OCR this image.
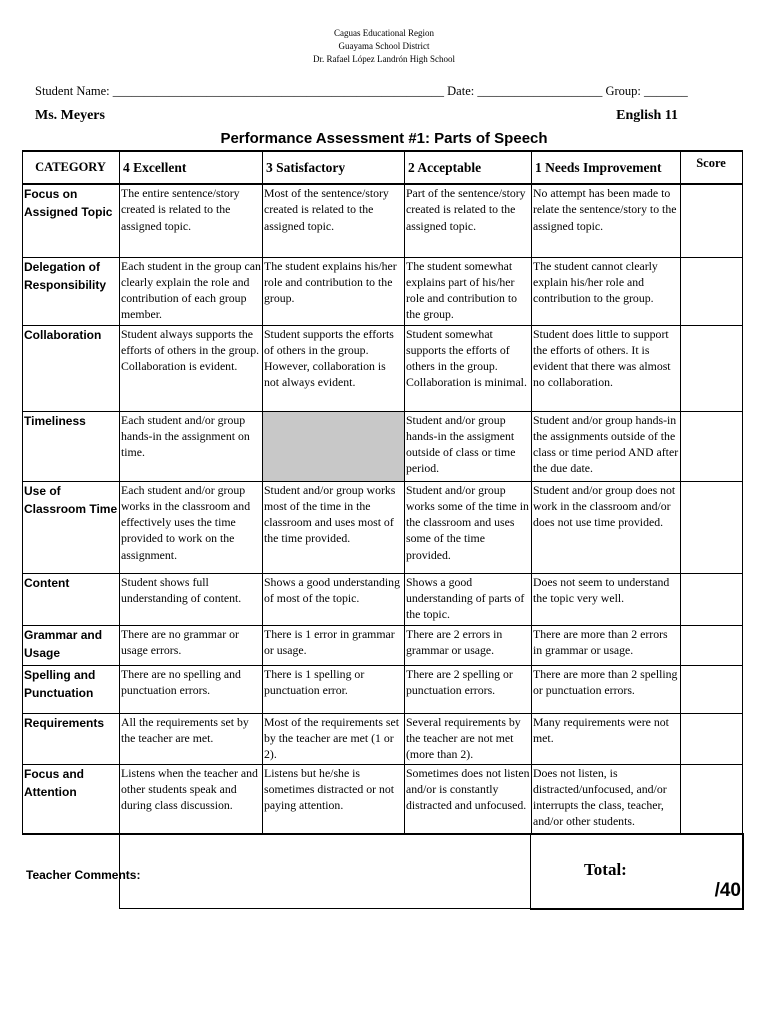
Caguas Educational Region
Guayama School District
Dr. Rafael López Landrón High School
Student Name: _____________________________________________________ Date: ____________________ Group: _______
Ms. Meyers	English 11
Performance Assessment #1: Parts of Speech
CATEGORY	4 Excellent	3 Satisfactory	2 Acceptable	1 Needs Improvement	Score
Focus on Assigned Topic	The entire sentence/story created is related to the assigned topic.	Most of the sentence/story created is related to the assigned topic.	Part of the sentence/story created is related to the assigned topic.	No attempt has been made to relate the sentence/story to the assigned topic.	
Delegation of Responsibility	Each student in the group can clearly explain the role and contribution of each group member.	The student explains his/her role and contribution to the group.	The student somewhat explains part of his/her role and contribution to the group.	The student cannot clearly explain his/her role and contribution to the group.	
Collaboration	Student always supports the efforts of others in the group. Collaboration is evident.	Student supports the efforts of others in the group. However, collaboration is not always evident.	Student somewhat supports the efforts of others in the group. Collaboration is minimal.	Student does little to support the efforts of others. It is evident that there was almost no collaboration.	
Timeliness	Each student and/or group hands-in the assignment on time.		Student and/or group hands-in the assigment outside of class or time period.	Student and/or group hands-in the assignments outside of the class or time period AND after the due date.	
Use of Classroom Time	Each student and/or group works in the classroom and effectively uses the time provided to work on the assignment.	Student and/or group works most of the time in the classroom and uses most of the time provided.	Student and/or group works some of the time in the classroom and uses some of the time provided.	Student and/or group does not work in the classroom and/or does not use time provided.	
Content	Student shows full understanding of content.	Shows a good understanding of most of the topic.	Shows a good understanding of parts of the topic.	Does not seem to understand the topic very well.	
Grammar and Usage	There are no grammar or usage errors.	There is 1 error in grammar or usage.	There are 2 errors in grammar or usage.	There are more than 2 errors in grammar or usage.	
Spelling and Punctuation	There are no spelling and punctuation errors.	There is 1 spelling or punctuation error.	There are 2 spelling or punctuation errors.	There are more than 2 spelling or punctuation errors.	
Requirements	All the requirements set by the teacher are met.	Most of the requirements set by the teacher are met (1 or 2).	Several requirements by the teacher are not met (more than 2).	Many requirements were not met.	
Focus and Attention	Listens when the teacher and other students speak and during class discussion.	Listens but he/she is sometimes distracted or not paying attention.	Sometimes does not listen and/or is constantly distracted and unfocused.	Does not listen, is distracted/unfocused, and/or interrupts the class, teacher, and/or other students.	
Teacher Comments:	Total:
/40
